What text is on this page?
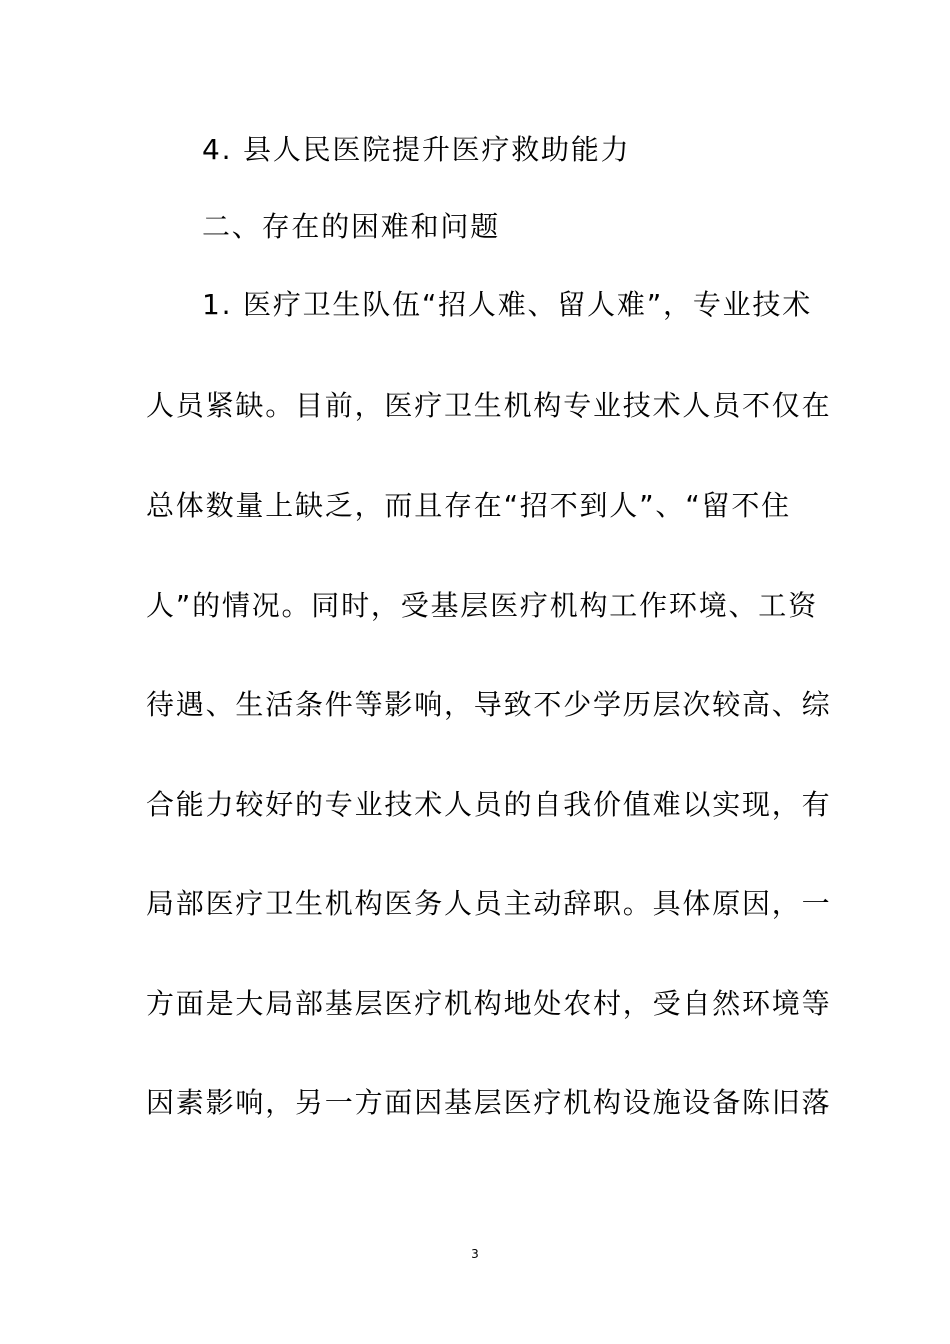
4. 县人民医院提升医疗救助能力
二、存在的困难和问题
1. 医疗卫生队伍“招人难、留人难”，专业技术
人员紧缺。目前，医疗卫生机构专业技术人员不仅在
总体数量上缺乏，而且存在“招不到人”、“留不住
人”的情况。同时，受基层医疗机构工作环境、工资
待遇、生活条件等影响，导致不少学历层次较高、综
合能力较好的专业技术人员的自我价值难以实现，有
局部医疗卫生机构医务人员主动辞职。具体原因，一
方面是大局部基层医疗机构地处农村，受自然环境等
因素影响，另一方面因基层医疗机构设施设备陈旧落
3
